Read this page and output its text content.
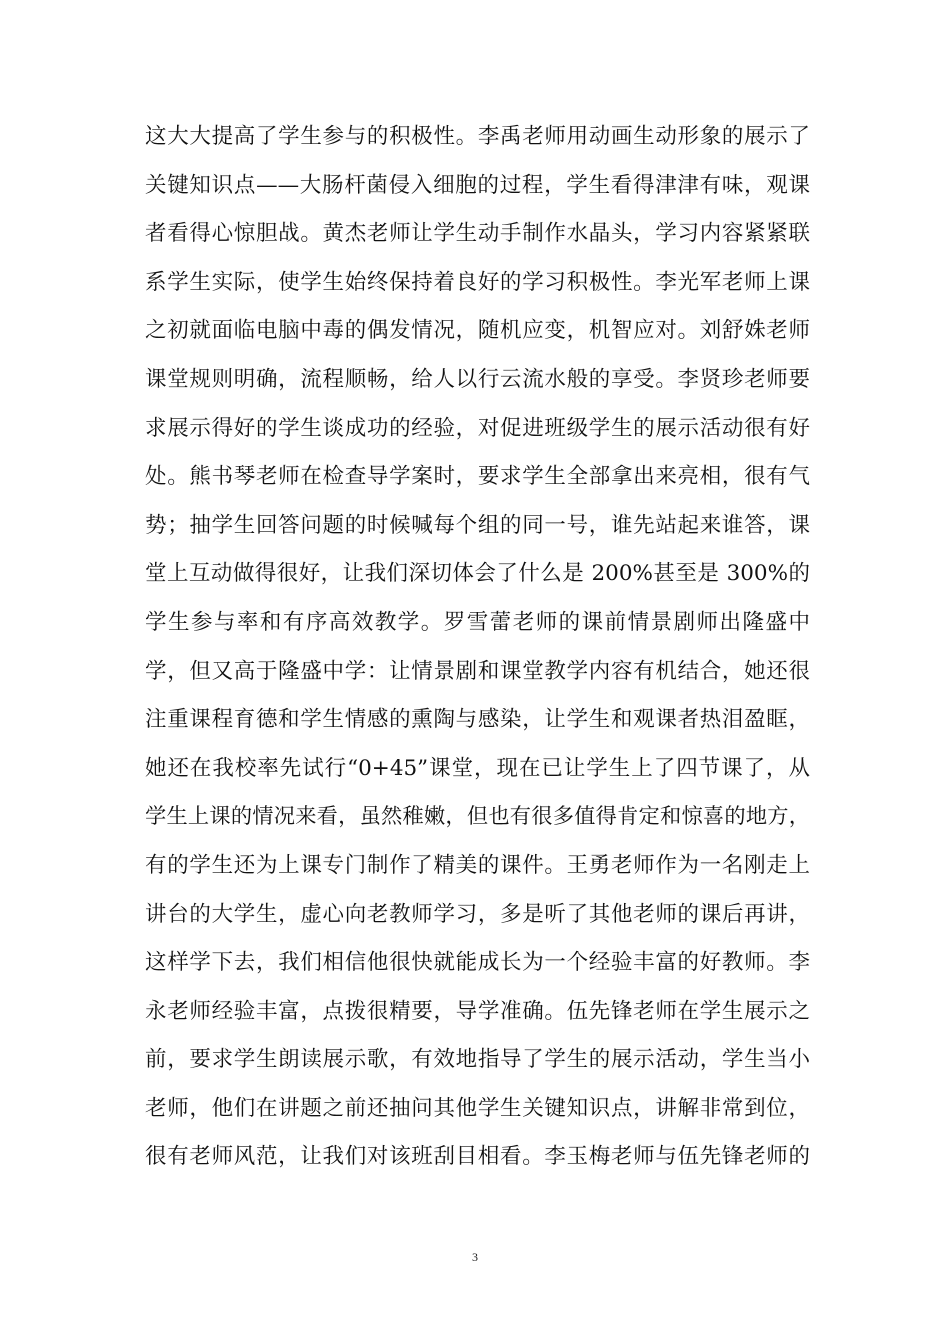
这大大提高了学生参与的积极性。李禹老师用动画生动形象的展示了
关键知识点——大肠杆菌侵入细胞的过程，学生看得津津有味，观课
者看得心惊胆战。黄杰老师让学生动手制作水晶头，学习内容紧紧联
系学生实际，使学生始终保持着良好的学习积极性。李光军老师上课
之初就面临电脑中毒的偶发情况，随机应变，机智应对。刘舒姝老师
课堂规则明确，流程顺畅，给人以行云流水般的享受。李贤珍老师要
求展示得好的学生谈成功的经验，对促进班级学生的展示活动很有好
处。熊书琴老师在检查导学案时，要求学生全部拿出来亮相，很有气
势；抽学生回答问题的时候喊每个组的同一号，谁先站起来谁答，课
堂上互动做得很好，让我们深切体会了什么是 200%甚至是 300%的
学生参与率和有序高效教学。罗雪蕾老师的课前情景剧师出隆盛中
学，但又高于隆盛中学：让情景剧和课堂教学内容有机结合，她还很
注重课程育德和学生情感的熏陶与感染，让学生和观课者热泪盈眶，
她还在我校率先试行“0+45”课堂，现在已让学生上了四节课了，从
学生上课的情况来看，虽然稚嫩，但也有很多值得肯定和惊喜的地方，
有的学生还为上课专门制作了精美的课件。王勇老师作为一名刚走上
讲台的大学生，虚心向老教师学习，多是听了其他老师的课后再讲，
这样学下去，我们相信他很快就能成长为一个经验丰富的好教师。李
永老师经验丰富，点拨很精要，导学准确。伍先锋老师在学生展示之
前，要求学生朗读展示歌，有效地指导了学生的展示活动，学生当小
老师，他们在讲题之前还抽问其他学生关键知识点，讲解非常到位，
很有老师风范，让我们对该班刮目相看。李玉梅老师与伍先锋老师的
3
